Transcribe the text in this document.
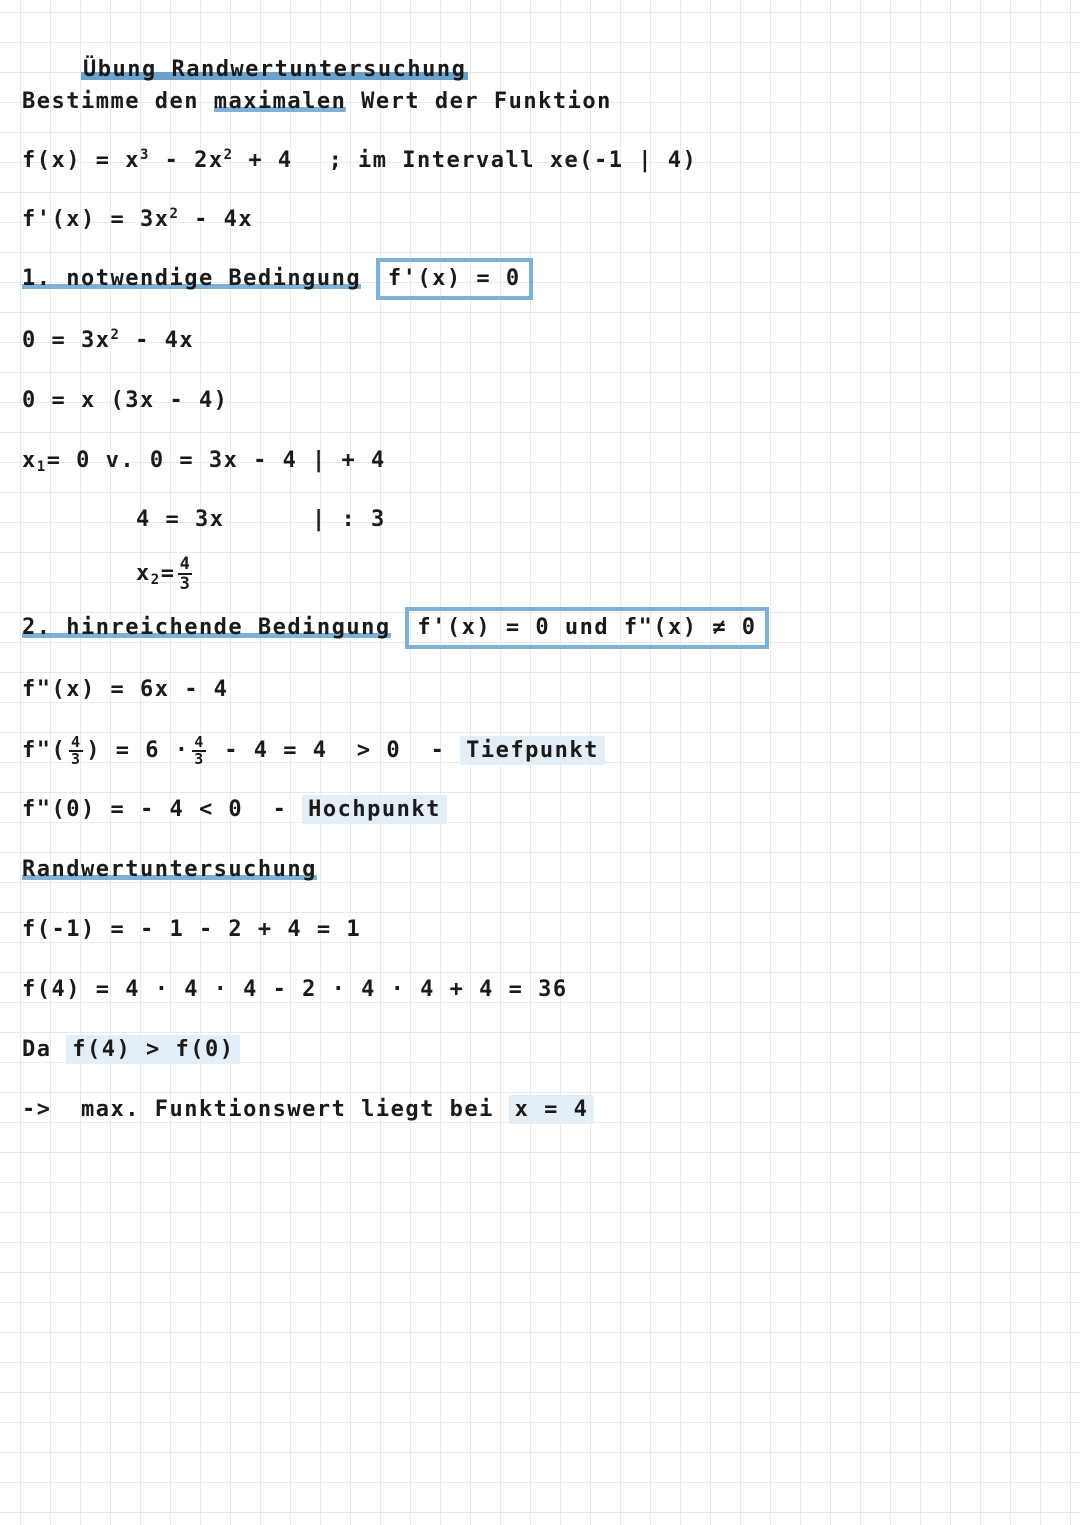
Übung Randwertuntersuchung

Bestimme den maximalen Wert der Funktion
$f(x) = x^3 - 2x^2 + 4$ ; im Intervall xe(-1 | 4)
$f'(x) = 3x^2 - 4x$
1. notwendige Bedingung f'(x) = 0
$0 = 3x^2 - 4x$
0 = x (3x - 4)
$x_1= 0$ v. 0 = 3x - 4 | + 4
4 = 3x	| : 3
$x_2= \frac{4}{3}$
2. hinreichende Bedingung f'(x) = 0 und f"(x) ≠ 0
f"(x) = 6x - 4
f"( $\frac{4}{3}$ ) = $6 \cdot \frac{4}{3} - 4 = 4 > 0$  - Tiefpunkt
f"(0) = - 4 < 0  - Hochpunkt
Randwertuntersuchung
f(-1) = - 1 - 2 + 4 = 1
f(4) = 4 · 4 · 4 - 2 · 4 · 4 + 4 = 36
Da f(4) > f(0)
->  max. Funktionswert liegt bei x = 4
